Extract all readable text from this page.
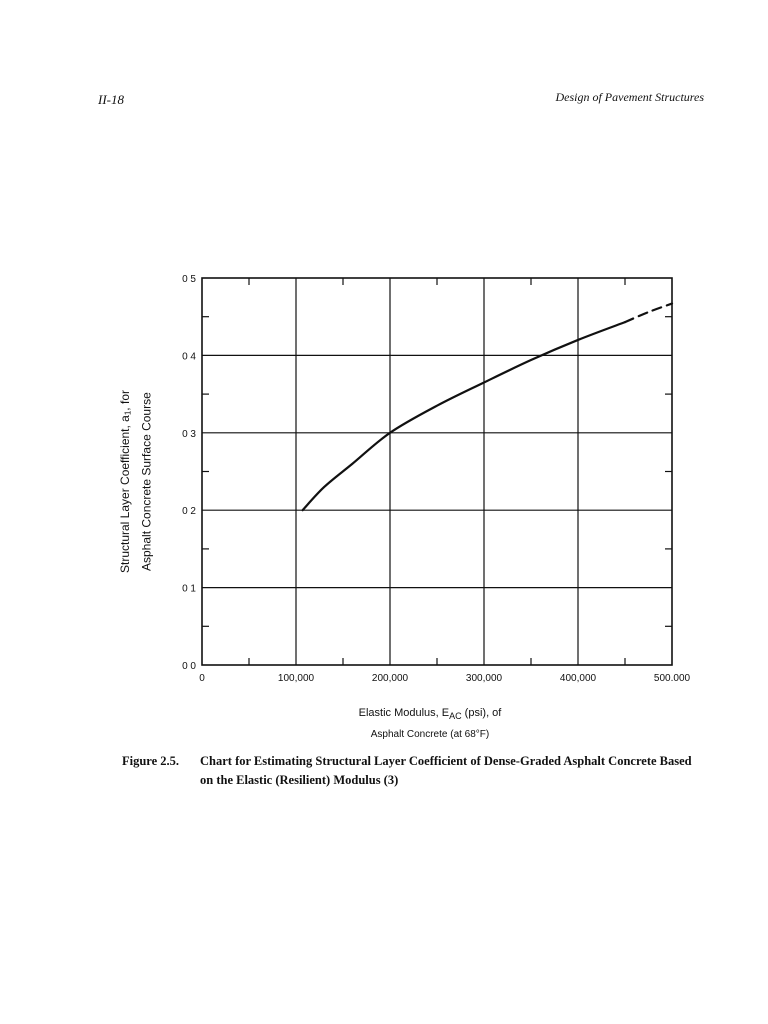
II-18	Design of Pavement Structures
0	100,000	200,000	300,000	400,000	500.000
0 0
0 1
0 2
0 3
0 4
0 5
Structural Layer Coefficient, $a_1$, for Asphalt Concrete Surface Course
Elastic Modulus, $E_{AC}$ (psi), of
Asphalt Concrete (at 68°F)
Figure 2.5.	Chart for Estimating Structural Layer Coefficient of Dense-Graded Asphalt Concrete Based on the Elastic (Resilient) Modulus (3)
